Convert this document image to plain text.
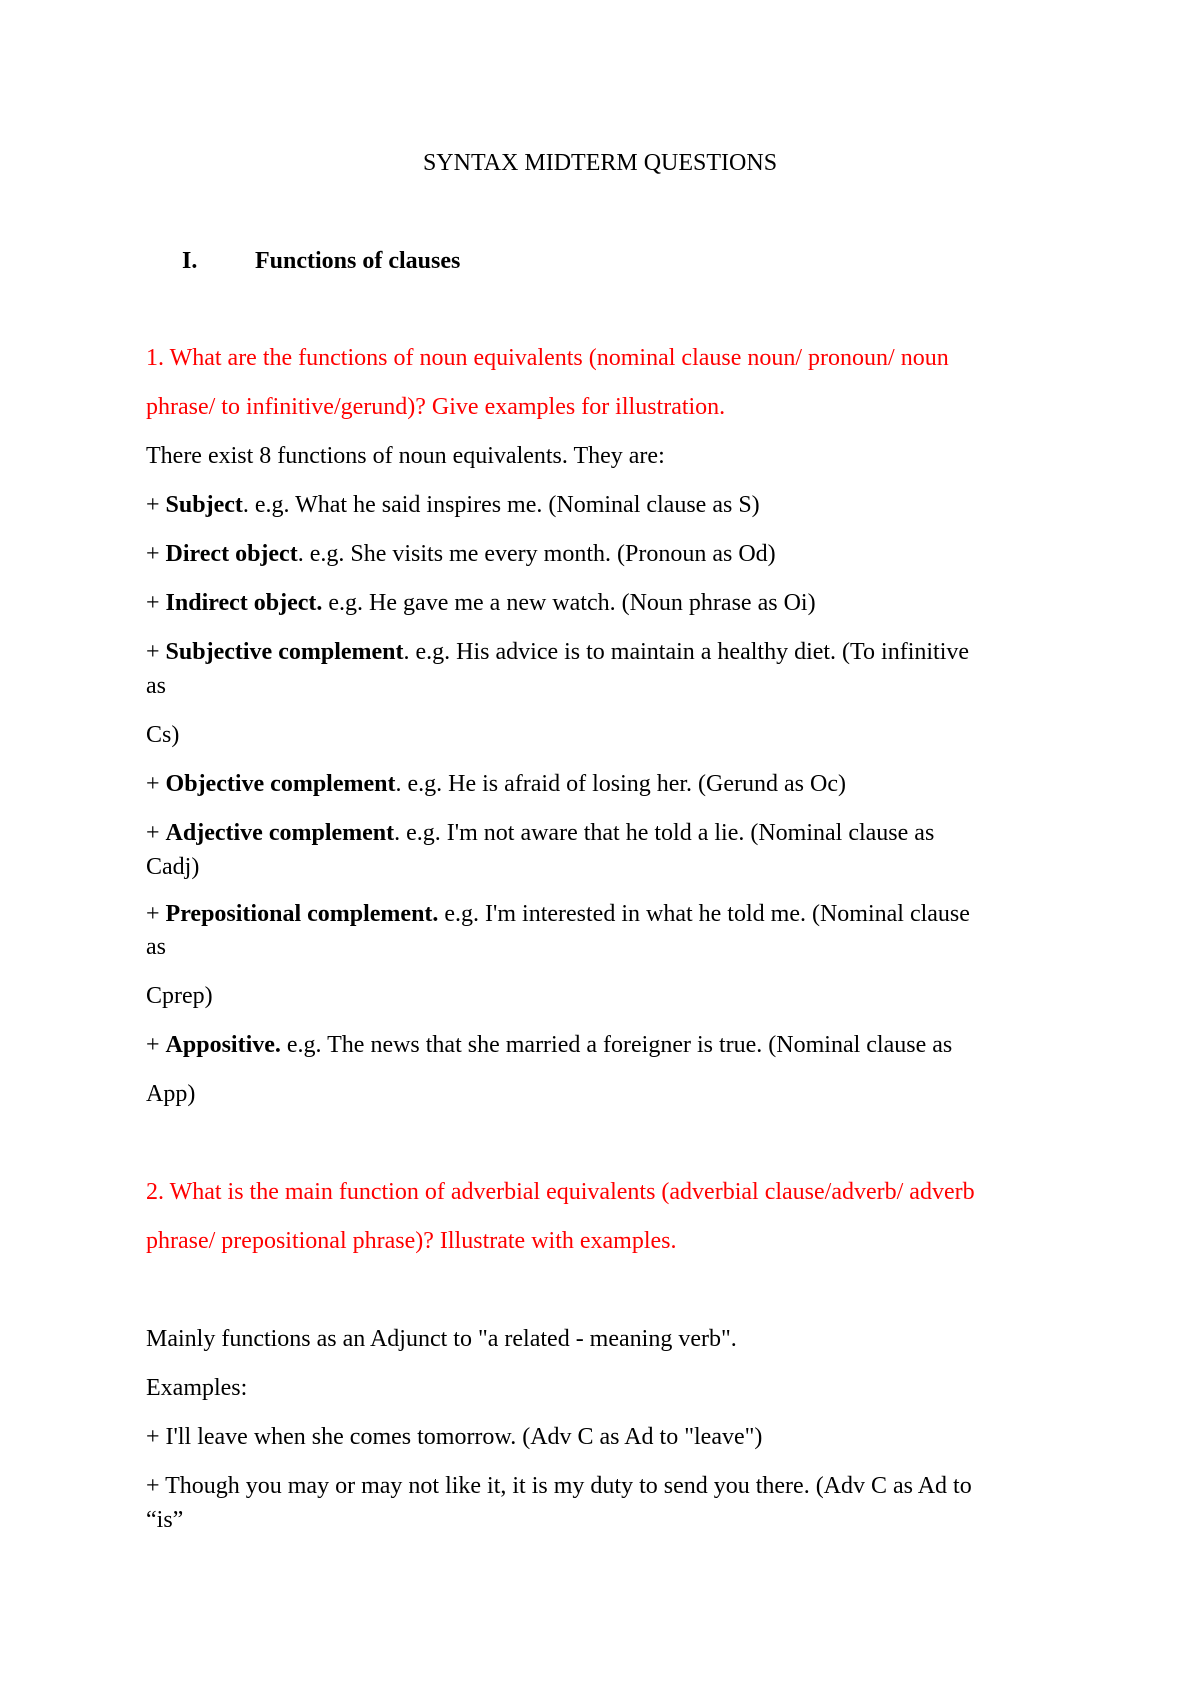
SYNTAX MIDTERM QUESTIONS
I. Functions of clauses
1. What are the functions of noun equivalents (nominal clause noun/ pronoun/ noun
phrase/ to infinitive/gerund)? Give examples for illustration.
There exist 8 functions of noun equivalents. They are:
+ Subject. e.g. What he said inspires me. (Nominal clause as S)
+ Direct object. e.g. She visits me every month. (Pronoun as Od)
+ Indirect object. e.g. He gave me a new watch. (Noun phrase as Oi)
+ Subjective complement. e.g. His advice is to maintain a healthy diet. (To infinitive
as
Cs)
+ Objective complement. e.g. He is afraid of losing her. (Gerund as Oc)
+ Adjective complement. e.g. I'm not aware that he told a lie. (Nominal clause as
Cadj)
+ Prepositional complement. e.g. I'm interested in what he told me. (Nominal clause
as
Cprep)
+ Appositive. e.g. The news that she married a foreigner is true. (Nominal clause as
App)
2. What is the main function of adverbial equivalents (adverbial clause/adverb/ adverb
phrase/ prepositional phrase)? Illustrate with examples.
Mainly functions as an Adjunct to "a related - meaning verb".
Examples:
+ I'll leave when she comes tomorrow. (Adv C as Ad to "leave")
+ Though you may or may not like it, it is my duty to send you there. (Adv C as Ad to
“is”
